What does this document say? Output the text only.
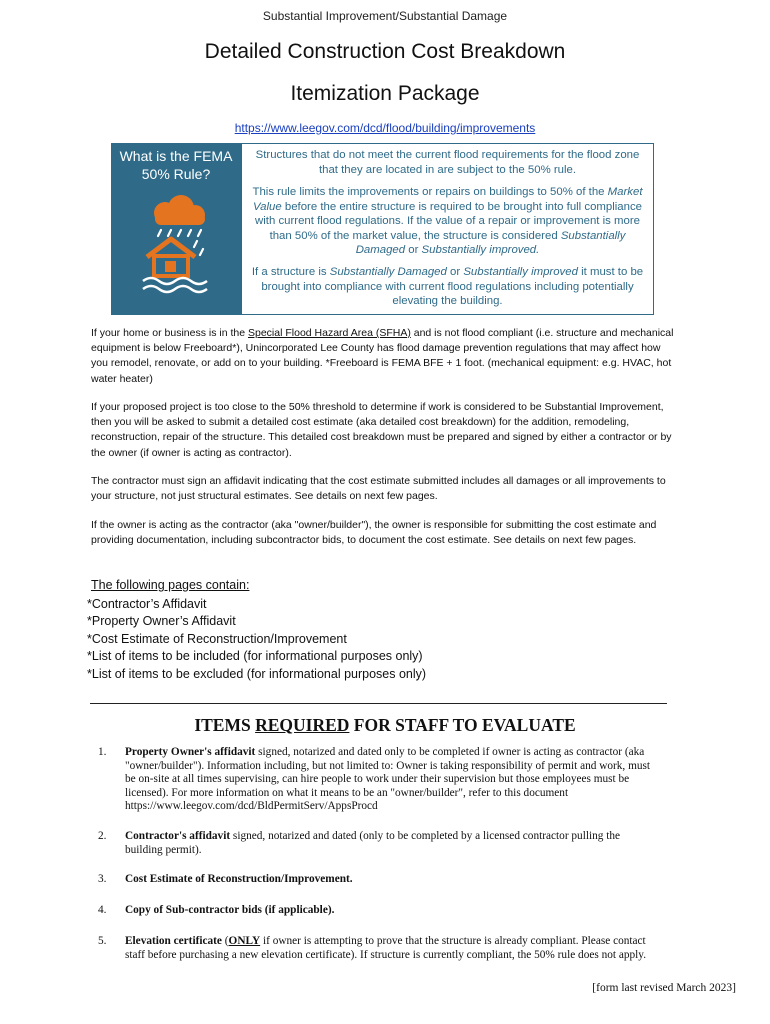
Substantial Improvement/Substantial Damage
Detailed Construction Cost Breakdown
Itemization Package
https://www.leegov.com/dcd/flood/building/improvements
What is the FEMA
50% Rule?

Structures that do not meet the current flood requirements for the flood zone that they are located in are subject to the 50% rule.

This rule limits the improvements or repairs on buildings to 50% of the Market Value before the entire structure is required to be brought into full compliance with current flood regulations. If the value of a repair or improvement is more than 50% of the market value, the structure is considered Substantially Damaged or Substantially improved.

If a structure is Substantially Damaged or Substantially improved it must to be brought into compliance with current flood regulations including potentially elevating the building.

If your home or business is in the Special Flood Hazard Area (SFHA) and is not flood compliant (i.e. structure and mechanical equipment is below Freeboard*), Unincorporated Lee County has flood damage prevention regulations that may affect how you remodel, renovate, or add on to your building. *Freeboard is FEMA BFE + 1 foot. (mechanical equipment: e.g. HVAC, hot water heater)
If your proposed project is too close to the 50% threshold to determine if work is considered to be Substantial Improvement, then you will be asked to submit a detailed cost estimate (aka detailed cost breakdown) for the addition, remodeling, reconstruction, repair of the structure. This detailed cost breakdown must be prepared and signed by either a contractor or by the owner (if owner is acting as contractor).
The contractor must sign an affidavit indicating that the cost estimate submitted includes all damages or all improvements to your structure, not just structural estimates. See details on next few pages.
If the owner is acting as the contractor (aka "owner/builder"), the owner is responsible for submitting the cost estimate and providing documentation, including subcontractor bids, to document the cost estimate. See details on next few pages.
The following pages contain:
*Contractor’s Affidavit
*Property Owner’s Affidavit
*Cost Estimate of Reconstruction/Improvement
*List of items to be included (for informational purposes only)
*List of items to be excluded (for informational purposes only)
ITEMS REQUIRED FOR STAFF TO EVALUATE
1.	Property Owner's affidavit signed, notarized and dated only to be completed if owner is acting as contractor (aka "owner/builder"). Information including, but not limited to: Owner is taking responsibility of permit and work, must be on-site at all times supervising, can hire people to work under their supervision but those employees must be licensed). For more information on what it means to be an "owner/builder", refer to this document https://www.leegov.com/dcd/BldPermitServ/AppsProcd
2.	Contractor's affidavit signed, notarized and dated (only to be completed by a licensed contractor pulling the building permit).
3.	Cost Estimate of Reconstruction/Improvement.
4.	Copy of Sub-contractor bids (if applicable).
5.	Elevation certificate (ONLY if owner is attempting to prove that the structure is already compliant. Please contact staff before purchasing a new elevation certificate). If structure is currently compliant, the 50% rule does not apply.
[form last revised March 2023]
